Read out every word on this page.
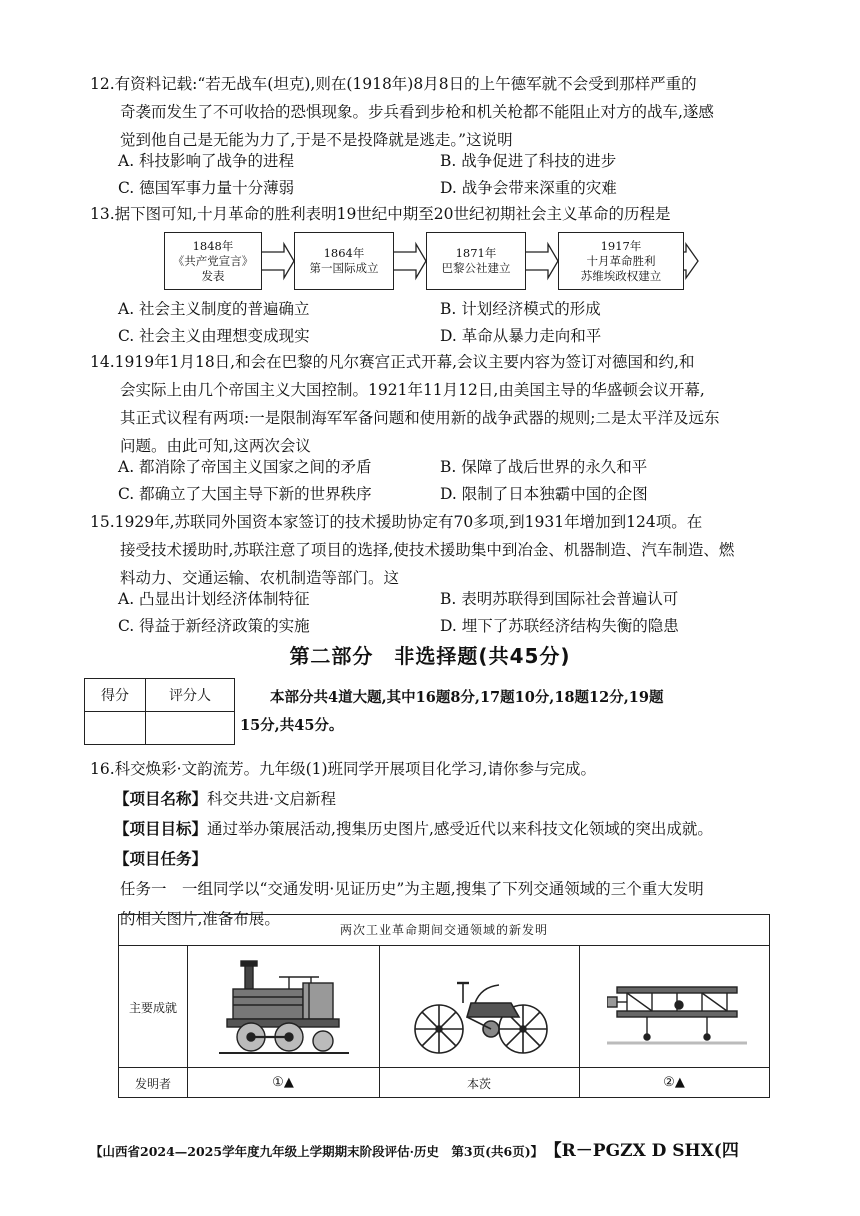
12.有资料记载:“若无战车(坦克),则在(1918年)8月8日的上午德军就不会受到那样严重的
奇袭而发生了不可收拾的恐惧现象。步兵看到步枪和机关枪都不能阻止对方的战车,遂感
觉到他自己是无能为力了,于是不是投降就是逃走。”这说明
A. 科技影响了战争的进程	B. 战争促进了科技的进步
C. 德国军事力量十分薄弱	D. 战争会带来深重的灾难
13.据下图可知,十月革命的胜利表明19世纪中期至20世纪初期社会主义革命的历程是
1848年
《共产党宣言》
发表
1864年
第一国际成立
1871年
巴黎公社建立
1917年
十月革命胜利
苏维埃政权建立
A. 社会主义制度的普遍确立	B. 计划经济模式的形成
C. 社会主义由理想变成现实	D. 革命从暴力走向和平
14.1919年1月18日,和会在巴黎的凡尔赛宫正式开幕,会议主要内容为签订对德国和约,和
会实际上由几个帝国主义大国控制。1921年11月12日,由美国主导的华盛顿会议开幕,
其正式议程有两项:一是限制海军军备问题和使用新的战争武器的规则;二是太平洋及远东
问题。由此可知,这两次会议
A. 都消除了帝国主义国家之间的矛盾	B. 保障了战后世界的永久和平
C. 都确立了大国主导下新的世界秩序	D. 限制了日本独霸中国的企图
15.1929年,苏联同外国资本家签订的技术援助协定有70多项,到1931年增加到124项。在
接受技术援助时,苏联注意了项目的选择,使技术援助集中到冶金、机器制造、汽车制造、燃
料动力、交通运输、农机制造等部门。这
A. 凸显出计划经济体制特征	B. 表明苏联得到国际社会普遍认可
C. 得益于新经济政策的实施	D. 埋下了苏联经济结构失衡的隐患
第二部分　非选择题(共45分)
得分	评分人
		本部分共4道大题,其中16题8分,17题10分,18题12分,19题
15分,共45分。
16.科交焕彩·文韵流芳。九年级(1)班同学开展项目化学习,请你参与完成。
【项目名称】科交共进·文启新程
【项目目标】通过举办策展活动,搜集历史图片,感受近代以来科技文化领域的突出成就。
【项目任务】
任务一　一组同学以“交通发明·见证历史”为主题,搜集了下列交通领域的三个重大发明
的相关图片,准备布展。
两次工业革命期间交通领域的新发明
主要成就
发明者	①▲	本茨	②▲
【山西省2024—2025学年度九年级上学期期末阶段评估·历史　第3页(共6页)】 【R－PGZX D SHX(四
